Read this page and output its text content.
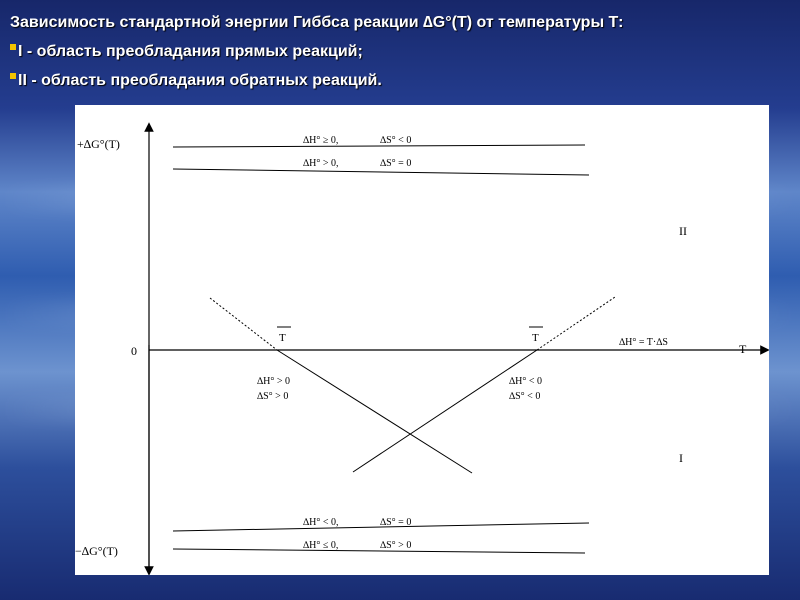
Зависимость стандартной энергии Гиббса реакции ∆G°(T) от температуры Т:
I - область преобладания прямых реакций;
II - область преобладания обратных реакций.
+∆G°(T)
−∆G°(T)
0	T
∆H° ≥ 0,	∆S° < 0
∆H° > 0,	∆S° = 0
∆H° < 0,	∆S° = 0
∆H° ≤ 0,	∆S° > 0
T	T	∆H° = T·∆S
∆H° > 0
∆S° > 0
∆H° < 0
∆S° < 0
II
I
